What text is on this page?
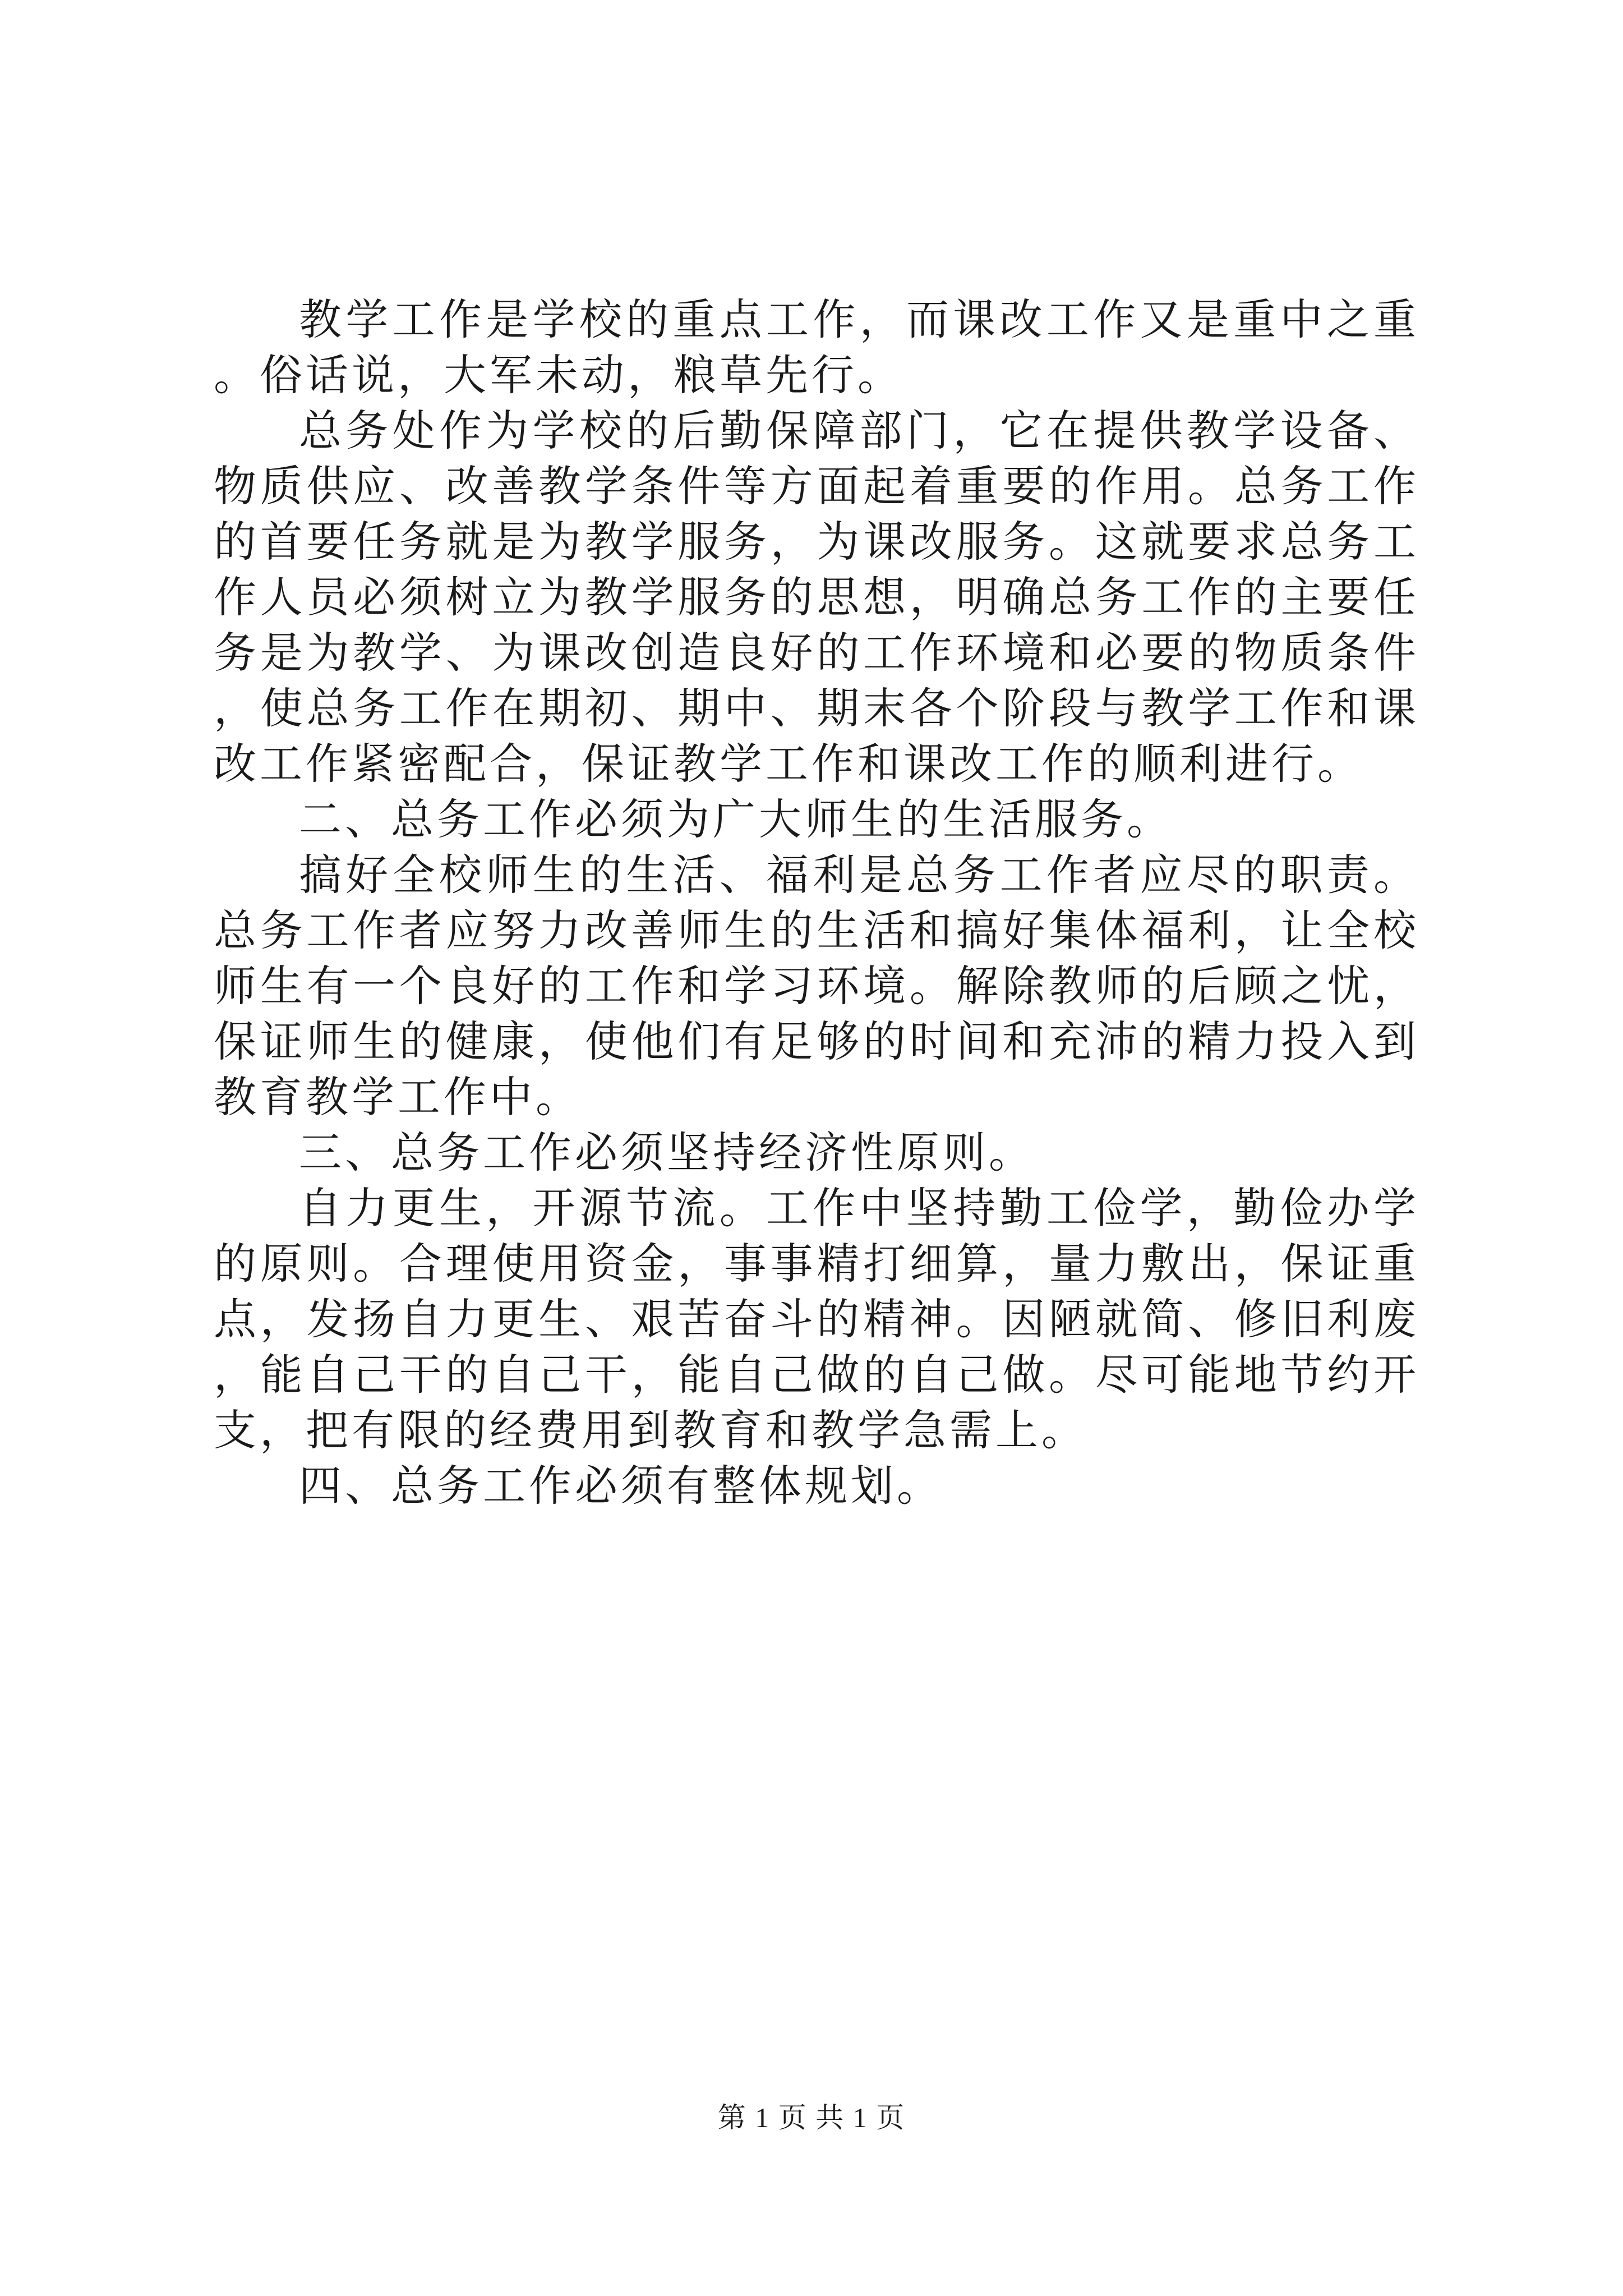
教学工作是学校的重点工作，而课改工作又是重中之重。俗话说，大军未动，粮草先行。

总务处作为学校的后勤保障部门，它在提供教学设备、物质供应、改善教学条件等方面起着重要的作用。总务工作的首要任务就是为教学服务，为课改服务。这就要求总务工作人员必须树立为教学服务的思想，明确总务工作的主要任务是为教学、为课改创造良好的工作环境和必要的物质条件，使总务工作在期初、期中、期末各个阶段与教学工作和课改工作紧密配合，保证教学工作和课改工作的顺利进行。

二、总务工作必须为广大师生的生活服务。

搞好全校师生的生活、福利是总务工作者应尽的职责。总务工作者应努力改善师生的生活和搞好集体福利，让全校师生有一个良好的工作和学习环境。解除教师的后顾之忧，保证师生的健康，使他们有足够的时间和充沛的精力投入到教育教学工作中。

三、总务工作必须坚持经济性原则。

自力更生，开源节流。工作中坚持勤工俭学，勤俭办学的原则。合理使用资金，事事精打细算，量力敷出，保证重点，发扬自力更生、艰苦奋斗的精神。因陋就简、修旧利废，能自己干的自己干，能自己做的自己做。尽可能地节约开支，把有限的经费用到教育和教学急需上。

四、总务工作必须有整体规划。

第 1 页 共 1 页
